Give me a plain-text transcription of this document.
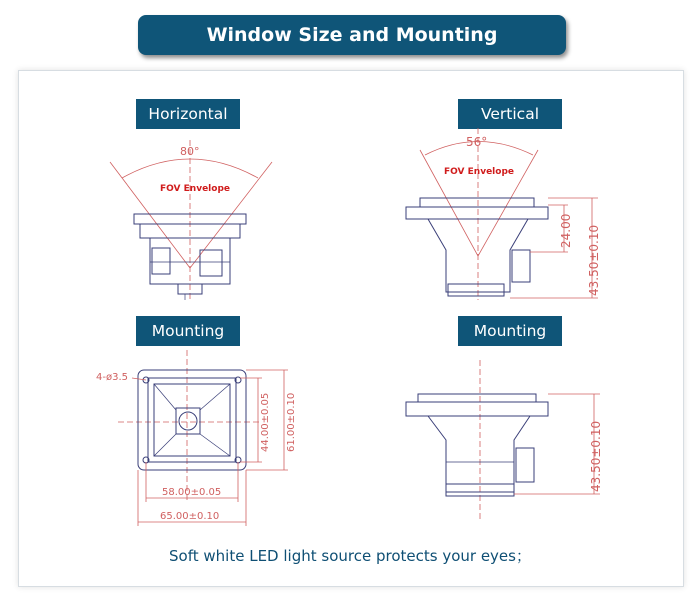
Window Size and Mounting
Horizontal	Vertical
Mounting	Mounting
80°
FOV Envelope
56°
FOV Envelope
24.00 43.50±0.10
4-ø3.5
44.00±0.05 61.00±0.10
58.00±0.05
65.00±0.10
43.50±0.10
Soft white LED light source protects your eyes；
